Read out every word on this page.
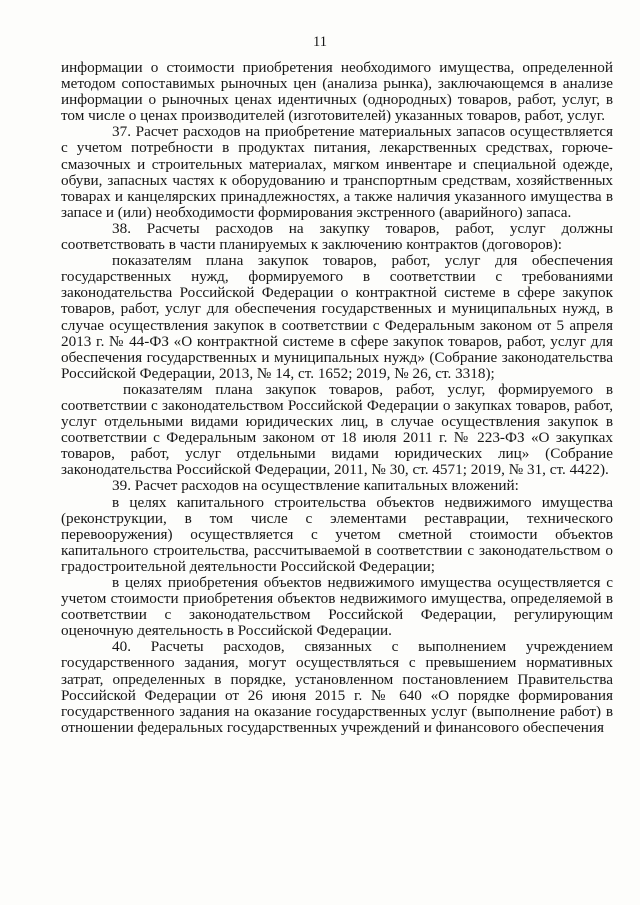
11

информации о стоимости приобретения необходимого имущества, определенной методом сопоставимых рыночных цен (анализа рынка), заключающемся в анализе информации о рыночных ценах идентичных (однородных) товаров, работ, услуг, в том числе о ценах производителей (изготовителей) указанных товаров, работ, услуг.

37. Расчет расходов на приобретение материальных запасов осуществляется с учетом потребности в продуктах питания, лекарственных средствах, горюче-смазочных и строительных материалах, мягком инвентаре и специальной одежде, обуви, запасных частях к оборудованию и транспортным средствам, хозяйственных товарах и канцелярских принадлежностях, а также наличия указанного имущества в запасе и (или) необходимости формирования экстренного (аварийного) запаса.

38. Расчеты расходов на закупку товаров, работ, услуг должны соответствовать в части планируемых к заключению контрактов (договоров):

показателям плана закупок товаров, работ, услуг для обеспечения государственных нужд, формируемого в соответствии с требованиями законодательства Российской Федерации о контрактной системе в сфере закупок товаров, работ, услуг для обеспечения государственных и муниципальных нужд, в случае осуществления закупок в соответствии с Федеральным законом от 5 апреля 2013 г. № 44-ФЗ «О контрактной системе в сфере закупок товаров, работ, услуг для обеспечения государственных и муниципальных нужд» (Собрание законодательства Российской Федерации, 2013, № 14, ст. 1652; 2019, № 26, ст. 3318);

показателям плана закупок товаров, работ, услуг, формируемого в соответствии с законодательством Российской Федерации о закупках товаров, работ, услуг отдельными видами юридических лиц, в случае осуществления закупок в соответствии с Федеральным законом от 18 июля 2011 г. № 223-ФЗ «О закупках товаров, работ, услуг отдельными видами юридических лиц» (Собрание законодательства Российской Федерации, 2011, № 30, ст. 4571; 2019, № 31, ст. 4422).

39. Расчет расходов на осуществление капитальных вложений:

в целях капитального строительства объектов недвижимого имущества (реконструкции, в том числе с элементами реставрации, технического перевооружения) осуществляется с учетом сметной стоимости объектов капитального строительства, рассчитываемой в соответствии с законодательством о градостроительной деятельности Российской Федерации;

в целях приобретения объектов недвижимого имущества осуществляется с учетом стоимости приобретения объектов недвижимого имущества, определяемой в соответствии с законодательством Российской Федерации, регулирующим оценочную деятельность в Российской Федерации.

40. Расчеты расходов, связанных с выполнением учреждением государственного задания, могут осуществляться с превышением нормативных затрат, определенных в порядке, установленном постановлением Правительства Российской Федерации от 26 июня 2015 г. № 640 «О порядке формирования государственного задания на оказание государственных услуг (выполнение работ) в отношении федеральных государственных учреждений и финансового обеспечения
